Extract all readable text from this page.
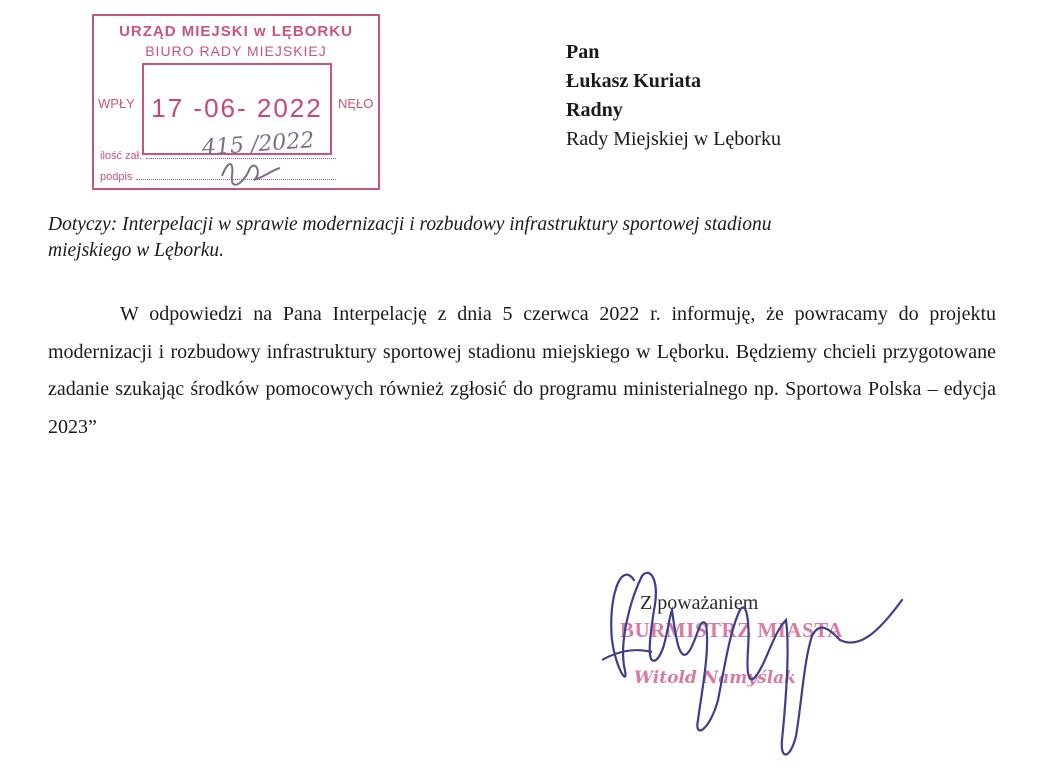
URZĄD MIEJSKI w LĘBORKU
BIURO RADY MIEJSKIEJ
WPŁY 17 -06- 2022	NĘŁO
ilość zał.
podpis
415 /2022
Pan
Łukasz Kuriata
Radny
Rady Miejskiej w Lęborku
Dotyczy: Interpelacji w sprawie modernizacji i rozbudowy infrastruktury sportowej stadionu
miejskiego w Lęborku.
W odpowiedzi na Pana Interpelację z dnia 5 czerwca 2022 r. informuję, że powracamy do projektu modernizacji i rozbudowy infrastruktury sportowej stadionu miejskiego w Lęborku. Będziemy chcieli przygotowane zadanie szukając środków pomocowych również zgłosić do programu ministerialnego np. Sportowa Polska – edycja 2023”
Z poważaniem
BURMISTRZ MIASTA
Witold Namyślak
